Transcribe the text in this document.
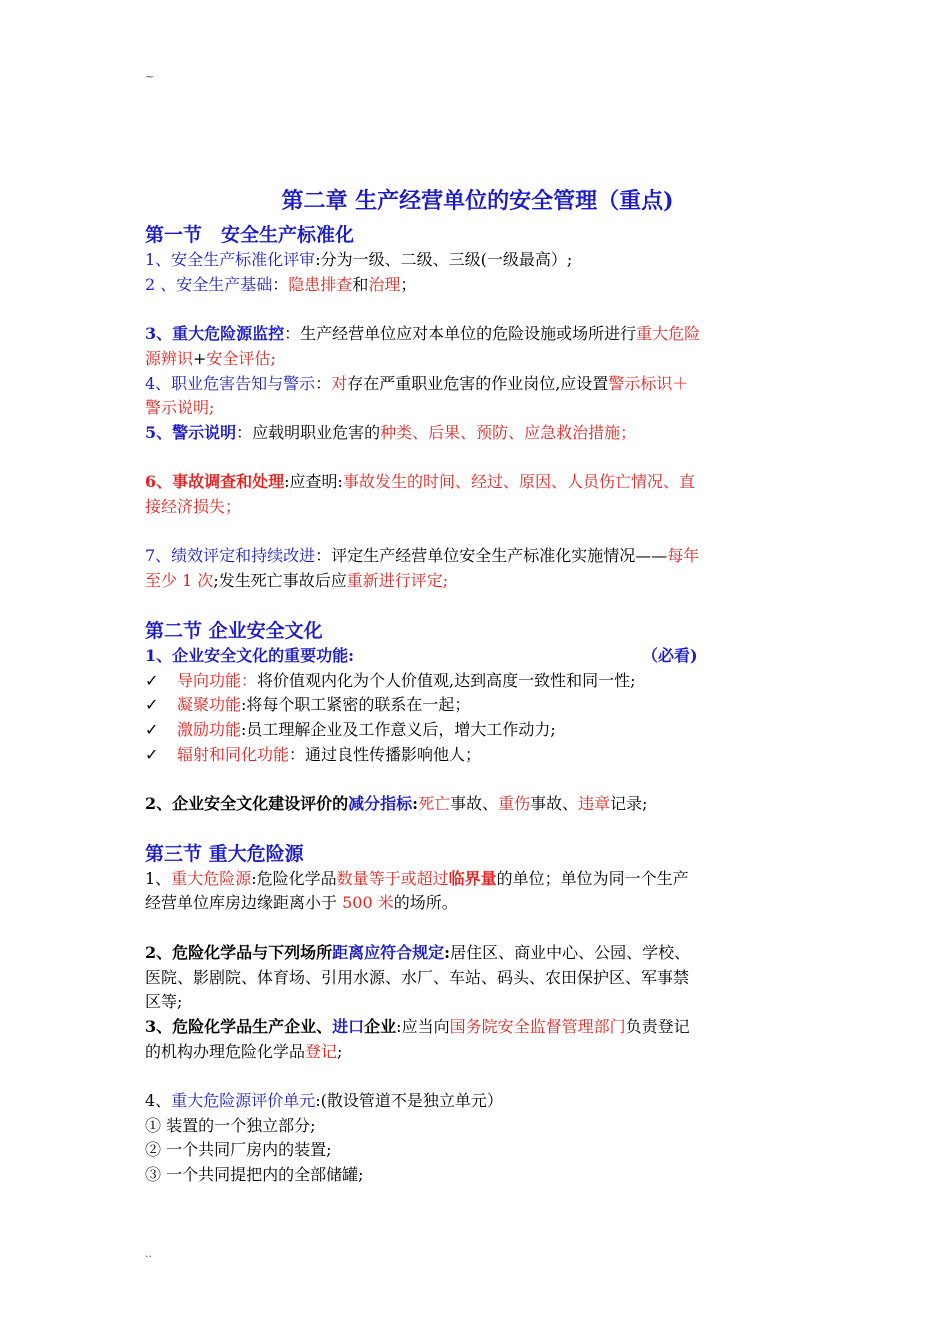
~
第二章 生产经营单位的安全管理（重点)
第一节　安全生产标准化
1、安全生产标准化评审:分为一级、二级、三级(一级最高）;
2 、安全生产基础：隐患排查和治理；
3、重大危险源监控：生产经营单位应对本单位的危险设施或场所进行重大危险
源辨识+安全评估;
4、职业危害告知与警示：对存在严重职业危害的作业岗位,应设置警示标识＋
警示说明;
5、警示说明：应载明职业危害的种类、后果、预防、应急救治措施；
6、事故调查和处理:应查明:事故发生的时间、经过、原因、人员伤亡情况、直
接经济损失；
7、绩效评定和持续改进：评定生产经营单位安全生产标准化实施情况——每年
至少 1 次;发生死亡事故后应重新进行评定;
第二节 企业安全文化
1、企业安全文化的重要功能:	（必看)
✓ 导向功能：将价值观内化为个人价值观,达到高度一致性和同一性;
✓ 凝聚功能:将每个职工紧密的联系在一起；
✓ 激励功能:员工理解企业及工作意义后，增大工作动力;
✓ 辐射和同化功能：通过良性传播影响他人；
2、企业安全文化建设评价的减分指标:死亡事故、重伤事故、违章记录;
第三节 重大危险源
1、重大危险源:危险化学品数量等于或超过临界量的单位；单位为同一个生产
经营单位库房边缘距离小于 500 米的场所。
2、危险化学品与下列场所距离应符合规定:居住区、商业中心、公园、学校、
医院、影剧院、体育场、引用水源、水厂、车站、码头、农田保护区、军事禁
区等;
3、危险化学品生产企业、进口企业:应当向国务院安全监督管理部门负责登记
的机构办理危险化学品登记;
4、重大危险源评价单元:(散设管道不是独立单元）
① 装置的一个独立部分;
② 一个共同厂房内的装置;
③ 一个共同提把内的全部储罐;
..
